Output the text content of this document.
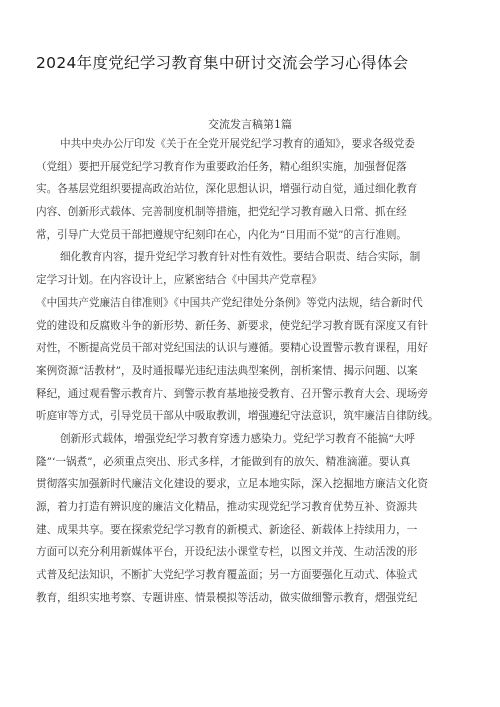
2024年度党纪学习教育集中研讨交流会学习心得体会
交流发言稿第1篇
中共中央办公厅印发《关于在全党开展党纪学习教育的通知》，要求各级党委
（党组）要把开展党纪学习教育作为重要政治任务，精心组织实施，加强督促落
实。各基层党组织要提高政治站位，深化思想认识，增强行动自觉，通过细化教育
内容、创新形式载体、完善制度机制等措施，把党纪学习教育融入日常、抓在经
常，引导广大党员干部把遵规守纪刻印在心，内化为“日用而不觉”的言行准则。
细化教育内容，提升党纪学习教育针对性有效性。要结合职责、结合实际，制
定学习计划。在内容设计上，应紧密结合《中国共产党章程》
《中国共产党廉洁自律准则》《中国共产党纪律处分条例》等党内法规，结合新时代
党的建设和反腐败斗争的新形势、新任务、新要求，使党纪学习教育既有深度又有针
对性，不断提高党员干部对党纪国法的认识与遵循。要精心设置警示教育课程，用好
案例资源“活教材”，及时通报曝光违纪违法典型案例，剖析案情、揭示问题、以案
释纪，通过观看警示教育片、到警示教育基地接受教育、召开警示教育大会、现场旁
听庭审等方式，引导党员干部从中吸取教训，增强遵纪守法意识，筑牢廉洁自律防线。
创新形式载体，增强党纪学习教育穿透力感染力。党纪学习教育不能搞“大呼
隆”‘一锅煮”，必须重点突出、形式多样，才能做到有的放矢、精准滴灌。要认真
贯彻落实加强新时代廉洁文化建设的要求，立足本地实际，深入挖掘地方廉洁文化资
源，着力打造有辨识度的廉洁文化精品，推动实现党纪学习教育优势互补、资源共
建、成果共享。要在探索党纪学习教育的新模式、新途径、新载体上持续用力，一
方面可以充分利用新媒体平台，开设纪法小课堂专栏，以图文并茂、生动活泼的形
式普及纪法知识，不断扩大党纪学习教育覆盖面；另一方面要强化互动式、体验式
教育，组织实地考察、专题讲座、情景模拟等活动，做实做细警示教育，熠强党纪
